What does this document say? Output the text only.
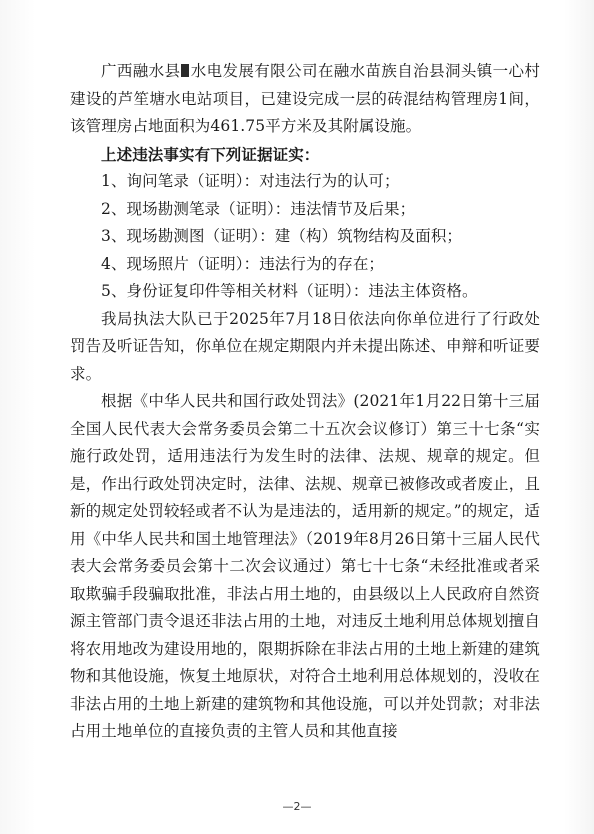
广西融水县 水电发展有限公司在融水苗族自治县洞头镇一心村建设的芦笙塘水电站项目，已建设完成一层的砖混结构管理房1间，该管理房占地面积为461.75平方米及其附属设施。

上述违法事实有下列证据证实：

1、询问笔录（证明）：对违法行为的认可；

2、现场勘测笔录（证明）：违法情节及后果；

3、现场勘测图（证明）：建（构）筑物结构及面积；

4、现场照片（证明）：违法行为的存在；

5、身份证复印件等相关材料（证明）：违法主体资格。

我局执法大队已于2025年7月18日依法向你单位进行了行政处罚告及听证告知，你单位在规定期限内并未提出陈述、申辩和听证要求。

根据《中华人民共和国行政处罚法》(2021年1月22日第十三届全国人民代表大会常务委员会第二十五次会议修订）第三十七条“实施行政处罚，适用违法行为发生时的法律、法规、规章的规定。但是，作出行政处罚决定时，法律、法规、规章已被修改或者废止，且新的规定处罚较轻或者不认为是违法的，适用新的规定。”的规定，适用《中华人民共和国土地管理法》（2019年8月26日第十三届人民代表大会常务委员会第十二次会议通过）第七十七条“未经批准或者采取欺骗手段骗取批准，非法占用土地的，由县级以上人民政府自然资源主管部门责令退还非法占用的土地，对违反土地利用总体规划擅自将农用地改为建设用地的，限期拆除在非法占用的土地上新建的建筑物和其他设施，恢复土地原状，对符合土地利用总体规划的，没收在非法占用的土地上新建的建筑物和其他设施，可以并处罚款；对非法占用土地单位的直接负责的主管人员和其他直接

—2—
